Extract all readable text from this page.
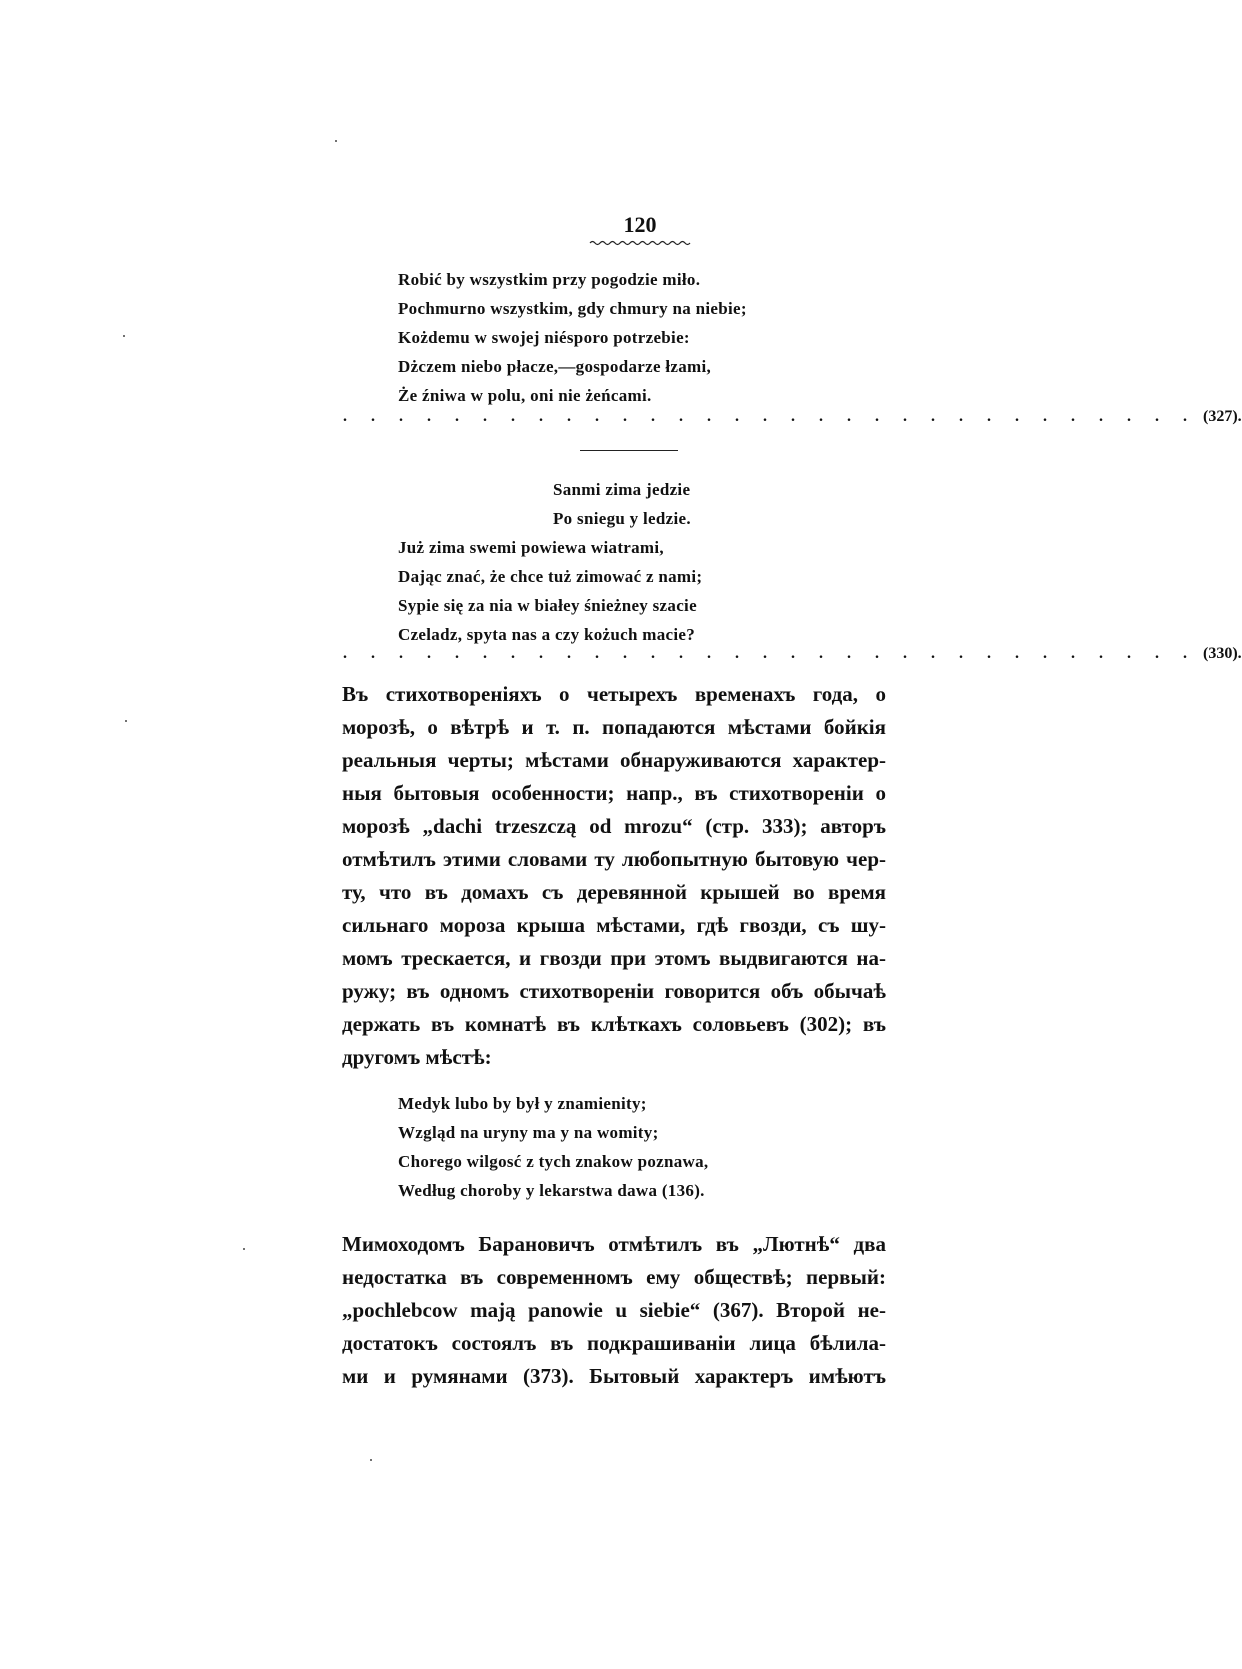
120
Robić by wszystkim przy pogodzie miło.
Pochmurno wszystkim, gdy chmury na niebie;
Kożdemu w swojej niésporo potrzebie:
Dżczem niebo płacze,—gospodarze łzami,
Że źniwa w polu, oni nie żeńcami.
. . . . . . . . . . . . . . . . . . . . . . . . . . . . . . . (327).
Sanmi zima jedzie
Po sniegu y ledzie.
Już zima swemi powiewa wiatrami,
Dając znać, że chce tuż zimować z nami;
Sypie się za nia w białey śnieżney szacie
Czeladz, spyta nas a czy kożuch macie?
. . . . . . . . . . . . . . . . . . . . . . . . . . . . . . . (330).
Въ стихотвореніяхъ о четырехъ временахъ года, о
морозѣ, о вѣтрѣ и т. п. попадаются мѣстами бойкія
реальныя черты; мѣстами обнаруживаются характер-
ныя бытовыя особенности; напр., въ стихотвореніи о
морозѣ „dachi trzeszczą od mrozu“ (стр. 333); авторъ
отмѣтилъ этими словами ту любопытную бытовую чер-
ту, что въ домахъ съ деревянной крышей во время
сильнаго мороза крыша мѣстами, гдѣ гвозди, съ шу-
момъ трескается, и гвозди при этомъ выдвигаются на-
ружу; въ одномъ стихотвореніи говорится объ обычаѣ
держать въ комнатѣ въ клѣткахъ соловьевъ (302); въ
другомъ мѣстѣ:
Medyk lubo by był y znamienity;
Wzgląd na uryny ma y na womity;
Chorego wilgosć z tych znakow poznawa,
Według choroby y lekarstwa dawa (136).
Мимоходомъ Барановичъ отмѣтилъ въ „Лютнѣ“ два
недостатка въ современномъ ему обществѣ; первый:
„pochlebcow mają panowie u siebie“ (367). Второй не-
достатокъ состоялъ въ подкрашиваніи лица бѣлила-
ми и румянами (373). Бытовый характеръ имѣютъ
